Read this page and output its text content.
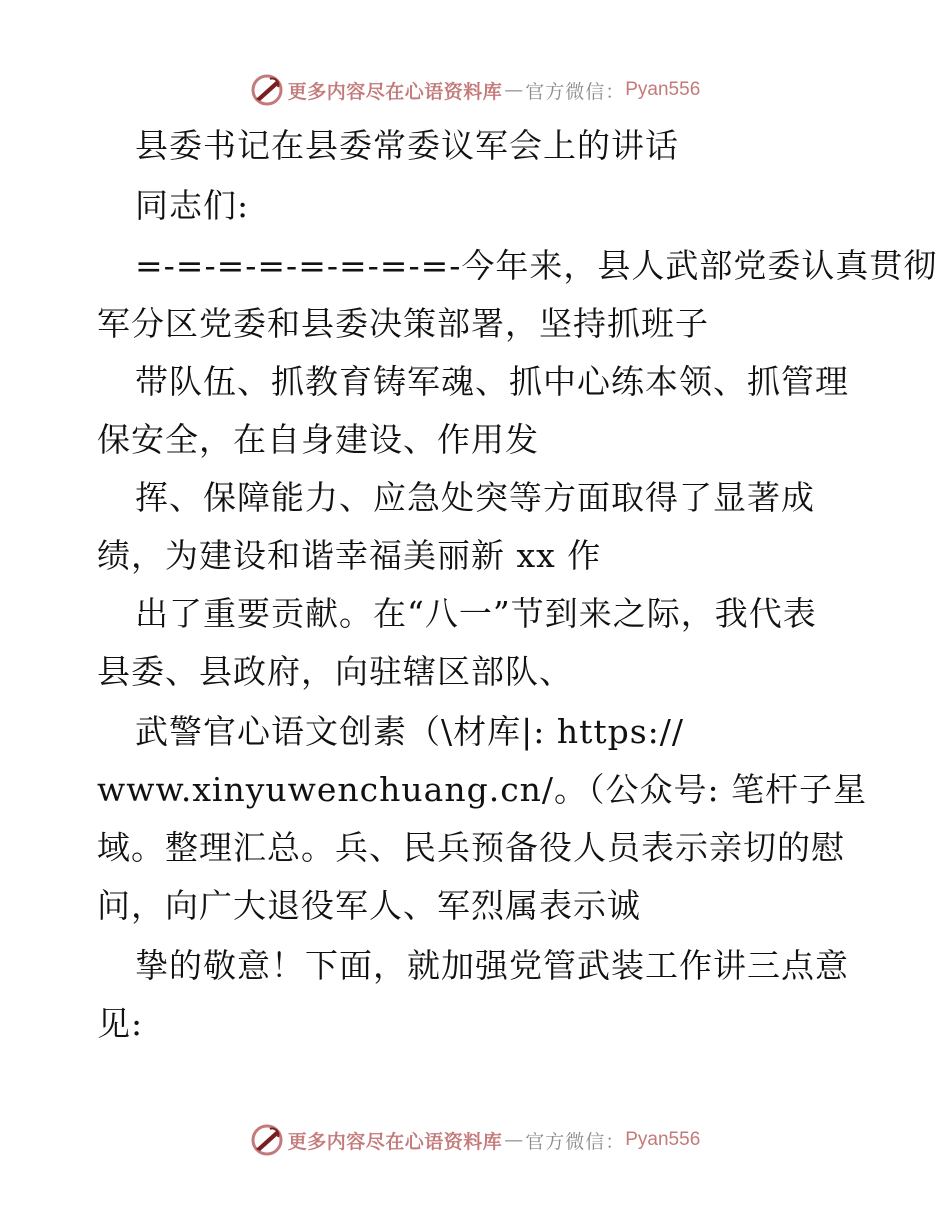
更多内容尽在心语资料库 — 官方微信： Pyan556
县委书记在县委常委议军会上的讲话
同志们:
=-=-=-=-=-=-=-=-今年来，县人武部党委认真贯彻
军分区党委和县委决策部署，坚持抓班子
带队伍、抓教育铸军魂、抓中心练本领、抓管理
保安全，在自身建设、作用发
挥、保障能力、应急处突等方面取得了显著成
绩，为建设和谐幸福美丽新 xx 作
出了重要贡献。在“八一”节到来之际，我代表
县委、县政府，向驻辖区部队、
武警官心语文创素（\材库|: https://
www.xinyuwenchuang.cn/。（公众号: 笔杆子星
域。整理汇总。兵、民兵预备役人员表示亲切的慰
问，向广大退役军人、军烈属表示诚
挚的敬意！下面，就加强党管武装工作讲三点意
见:
更多内容尽在心语资料库 — 官方微信： Pyan556
